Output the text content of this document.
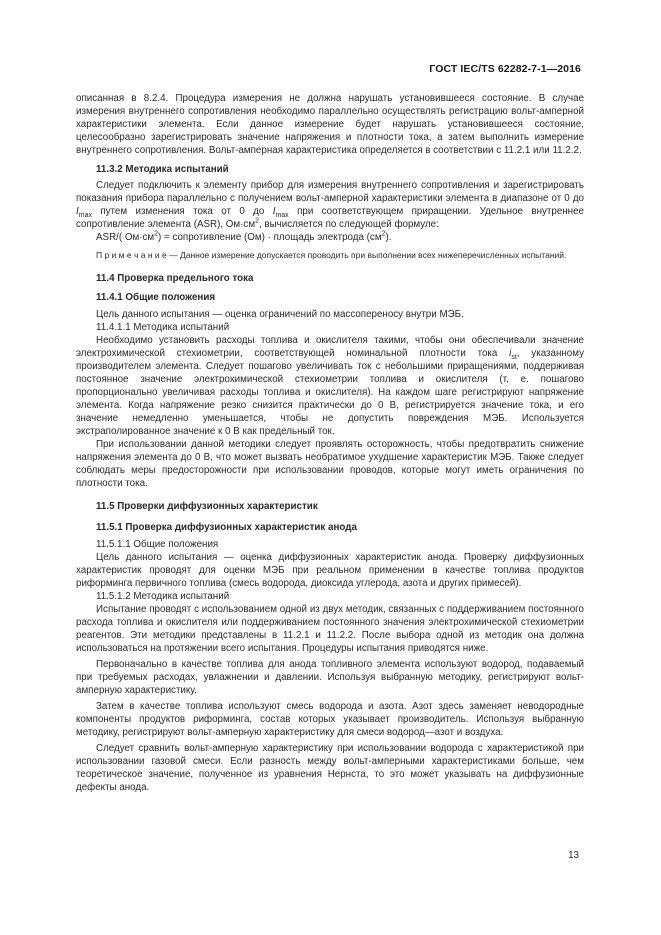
ГОСТ IEC/TS 62282-7-1—2016

описанная в 8.2.4. Процедура измерения не должна нарушать установившееся состояние. В случае измерения внутреннего сопротивления необходимо параллельно осуществлять регистрацию вольт-амперной характеристики элемента. Если данное измерение будет нарушать установившееся состояние, целесообразно зарегистрировать значение напряжения и плотности тока, а затем выполнить измерение внутреннего сопротивления. Вольт-амперная характеристика определяется в соответствии с 11.2.1 или 11.2.2.

11.3.2 Методика испытаний

Следует подключить к элементу прибор для измерения внутреннего сопротивления и зарегистрировать показания прибора параллельно с получением вольт-амперной характеристики элемента в диапазоне от 0 до $I_{max}$ путем изменения тока от 0 до $I_{max}$ при соответствующем приращении. Удельное внутреннее сопротивление элемента (ASR), $Ом\cdot см^2$, вычисляется по следующей формуле:

ASR/( $Ом\cdot см^2$) = сопротивление (Ом) · площадь электрода $(см^2)$.

П р и м е ч а н и е — Данное измерение допускается проводить при выполнении всех нижеперечисленных испытаний.

11.4 Проверка предельного тока

11.4.1 Общие положения

Цель данного испытания — оценка ограничений по массопереносу внутри МЭБ.

11.4.1.1 Методика испытаний

Необходимо установить расходы топлива и окислителя такими, чтобы они обеспечивали значение электрохимической стехиометрии, соответствующей номинальной плотности тока $i_{st}$, указанному производителем элемента. Следует пошагово увеличивать ток с небольшими приращениями, поддерживая постоянное значение электрохимической стехиометрии топлива и окислителя (т. е. пошагово пропорционально увеличивая расходы топлива и окислителя). На каждом шаге регистрируют напряжение элемента. Когда напряжение резко снизится практически до 0 В, регистрируется значение тока, и его значение немедленно уменьшается, чтобы не допустить повреждения МЭБ. Используется экстраполированное значение к 0 В как предельный ток.

При использовании данной методики следует проявлять осторожность, чтобы предотвратить снижение напряжения элемента до 0 В, что может вызвать необратимое ухудшение характеристик МЭБ. Также следует соблюдать меры предосторожности при использовании проводов, которые могут иметь ограничения по плотности тока.

11.5 Проверки диффузионных характеристик

11.5.1 Проверка диффузионных характеристик анода

11.5.1.1 Общие положения

Цель данного испытания — оценка диффузионных характеристик анода. Проверку диффузионных характеристик проводят для оценки МЭБ при реальном применении в качестве топлива продуктов риформинга первичного топлива (смесь водорода, диоксида углерода, азота и других примесей).

11.5.1.2 Методика испытаний

Испытание проводят с использованием одной из двух методик, связанных с поддерживанием постоянного расхода топлива и окислителя или поддерживанием постоянного значения электрохимической стехиометрии реагентов. Эти методики представлены в 11.2.1 и 11.2.2. После выбора одной из методик она должна использоваться на протяжении всего испытания. Процедуры испытания приводятся ниже.

Первоначально в качестве топлива для анода топливного элемента используют водород, подаваемый при требуемых расходах, увлажнении и давлении. Используя выбранную методику, регистрируют вольт-амперную характеристику.

Затем в качестве топлива используют смесь водорода и азота. Азот здесь заменяет неводородные компоненты продуктов риформинга, состав которых указывает производитель. Используя выбранную методику, регистрируют вольт-амперную характеристику для смеси водород—азот и воздуха.

Следует сравнить вольт-амперную характеристику при использовании водорода с характеристикой при использовании газовой смеси. Если разность между вольт-амперными характеристиками больше, чем теоретическое значение, полученное из уравнения Нернста, то это может указывать на диффузионные дефекты анода.

13
